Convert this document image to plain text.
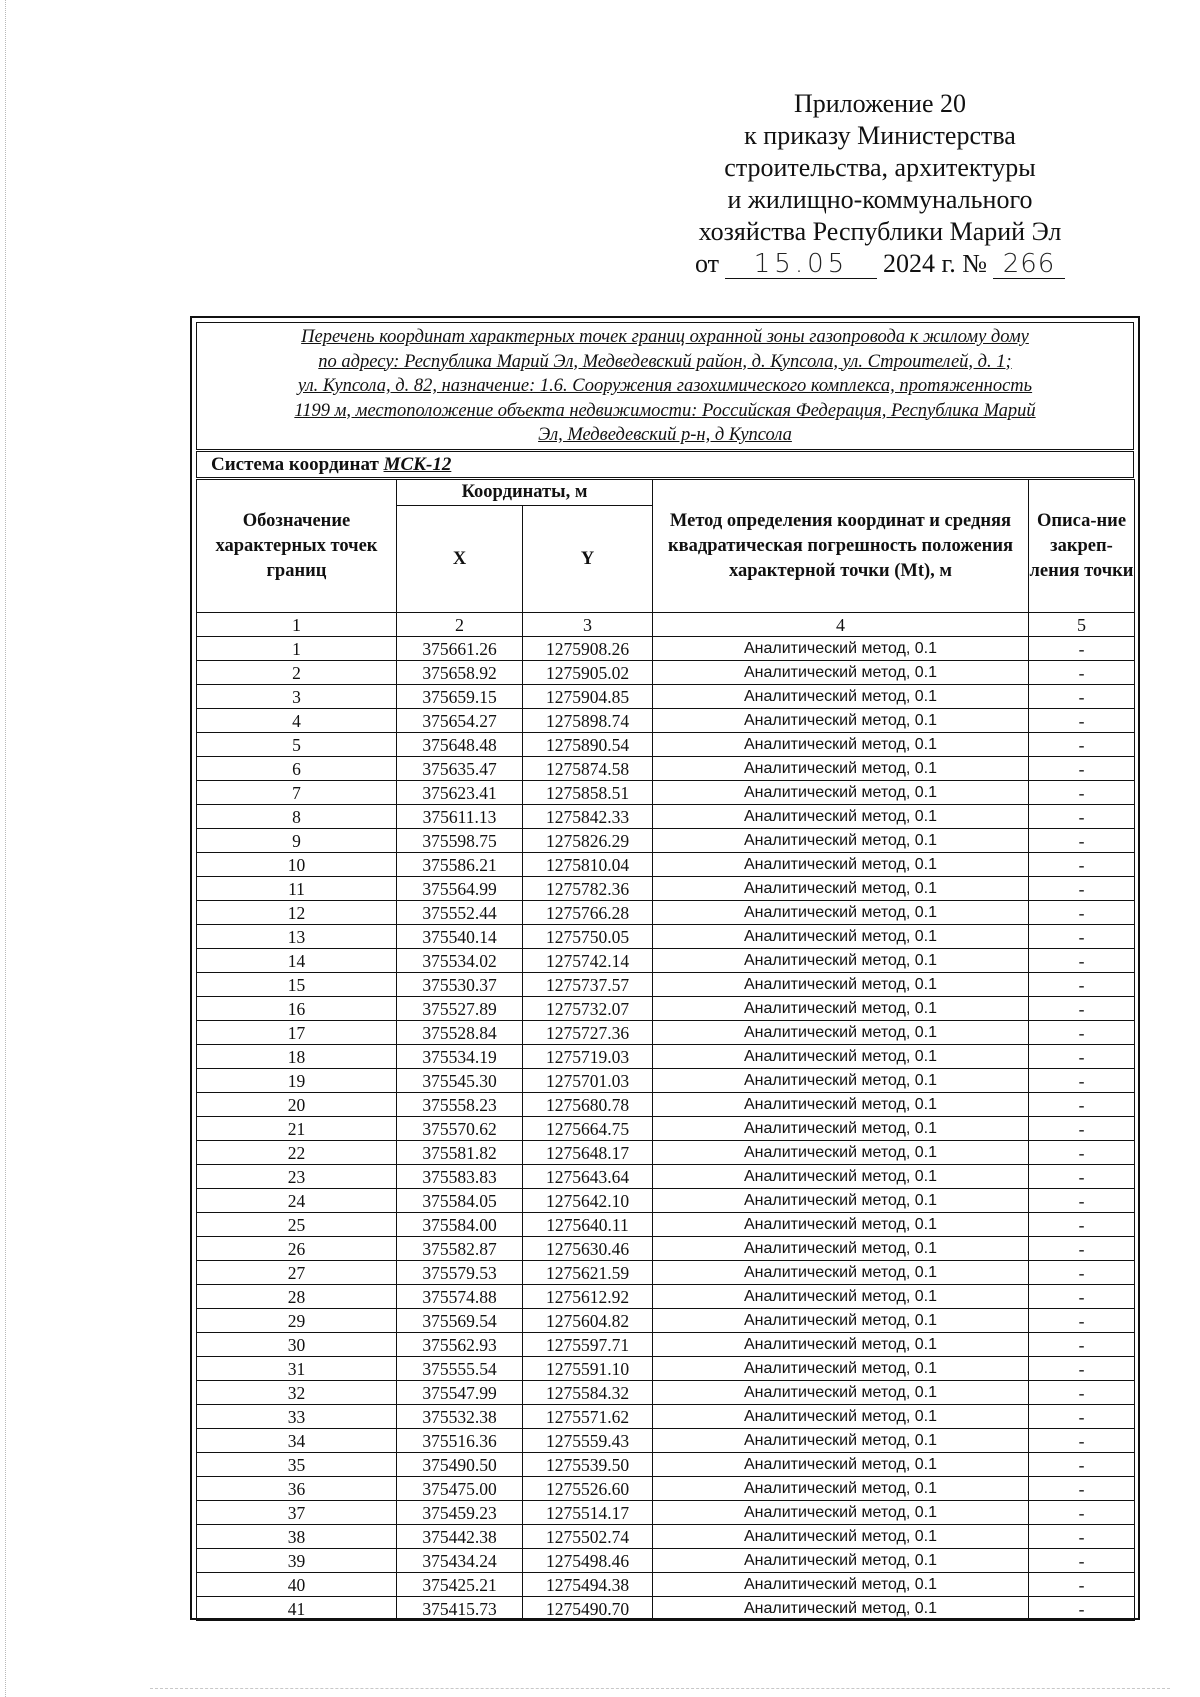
Приложение 20
к приказу Министерства
строительства, архитектуры
и жилищно-коммунального
хозяйства Республики Марий Эл
от	15.05	2024 г. № 266
Перечень координат характерных точек границ охранной зоны газопровода к жилому дому
по адресу: Республика Марий Эл, Медведевский район, д. Купсола, ул. Строителей, д. 1;
ул. Купсола, д. 82, назначение: 1.6. Сооружения газохимического комплекса, протяженность
1199 м, местоположение объекта недвижимости: Российская Федерация, Республика Марий
Эл, Медведевский р-н, д Купсола
Система координат МСК-12
Обозначение характерных точек границ	Координаты, м		Метод определения координат и средняя квадратическая погрешность положения характерной точки (Mt), м	Описа-ние закреп-ления точки
	X	Y		
1	2	3	4	5
1	375661.26	1275908.26	Аналитический метод, 0.1	-
2	375658.92	1275905.02	Аналитический метод, 0.1	-
3	375659.15	1275904.85	Аналитический метод, 0.1	-
4	375654.27	1275898.74	Аналитический метод, 0.1	-
5	375648.48	1275890.54	Аналитический метод, 0.1	-
6	375635.47	1275874.58	Аналитический метод, 0.1	-
7	375623.41	1275858.51	Аналитический метод, 0.1	-
8	375611.13	1275842.33	Аналитический метод, 0.1	-
9	375598.75	1275826.29	Аналитический метод, 0.1	-
10	375586.21	1275810.04	Аналитический метод, 0.1	-
11	375564.99	1275782.36	Аналитический метод, 0.1	-
12	375552.44	1275766.28	Аналитический метод, 0.1	-
13	375540.14	1275750.05	Аналитический метод, 0.1	-
14	375534.02	1275742.14	Аналитический метод, 0.1	-
15	375530.37	1275737.57	Аналитический метод, 0.1	-
16	375527.89	1275732.07	Аналитический метод, 0.1	-
17	375528.84	1275727.36	Аналитический метод, 0.1	-
18	375534.19	1275719.03	Аналитический метод, 0.1	-
19	375545.30	1275701.03	Аналитический метод, 0.1	-
20	375558.23	1275680.78	Аналитический метод, 0.1	-
21	375570.62	1275664.75	Аналитический метод, 0.1	-
22	375581.82	1275648.17	Аналитический метод, 0.1	-
23	375583.83	1275643.64	Аналитический метод, 0.1	-
24	375584.05	1275642.10	Аналитический метод, 0.1	-
25	375584.00	1275640.11	Аналитический метод, 0.1	-
26	375582.87	1275630.46	Аналитический метод, 0.1	-
27	375579.53	1275621.59	Аналитический метод, 0.1	-
28	375574.88	1275612.92	Аналитический метод, 0.1	-
29	375569.54	1275604.82	Аналитический метод, 0.1	-
30	375562.93	1275597.71	Аналитический метод, 0.1	-
31	375555.54	1275591.10	Аналитический метод, 0.1	-
32	375547.99	1275584.32	Аналитический метод, 0.1	-
33	375532.38	1275571.62	Аналитический метод, 0.1	-
34	375516.36	1275559.43	Аналитический метод, 0.1	-
35	375490.50	1275539.50	Аналитический метод, 0.1	-
36	375475.00	1275526.60	Аналитический метод, 0.1	-
37	375459.23	1275514.17	Аналитический метод, 0.1	-
38	375442.38	1275502.74	Аналитический метод, 0.1	-
39	375434.24	1275498.46	Аналитический метод, 0.1	-
40	375425.21	1275494.38	Аналитический метод, 0.1	-
41	375415.73	1275490.70	Аналитический метод, 0.1	-
